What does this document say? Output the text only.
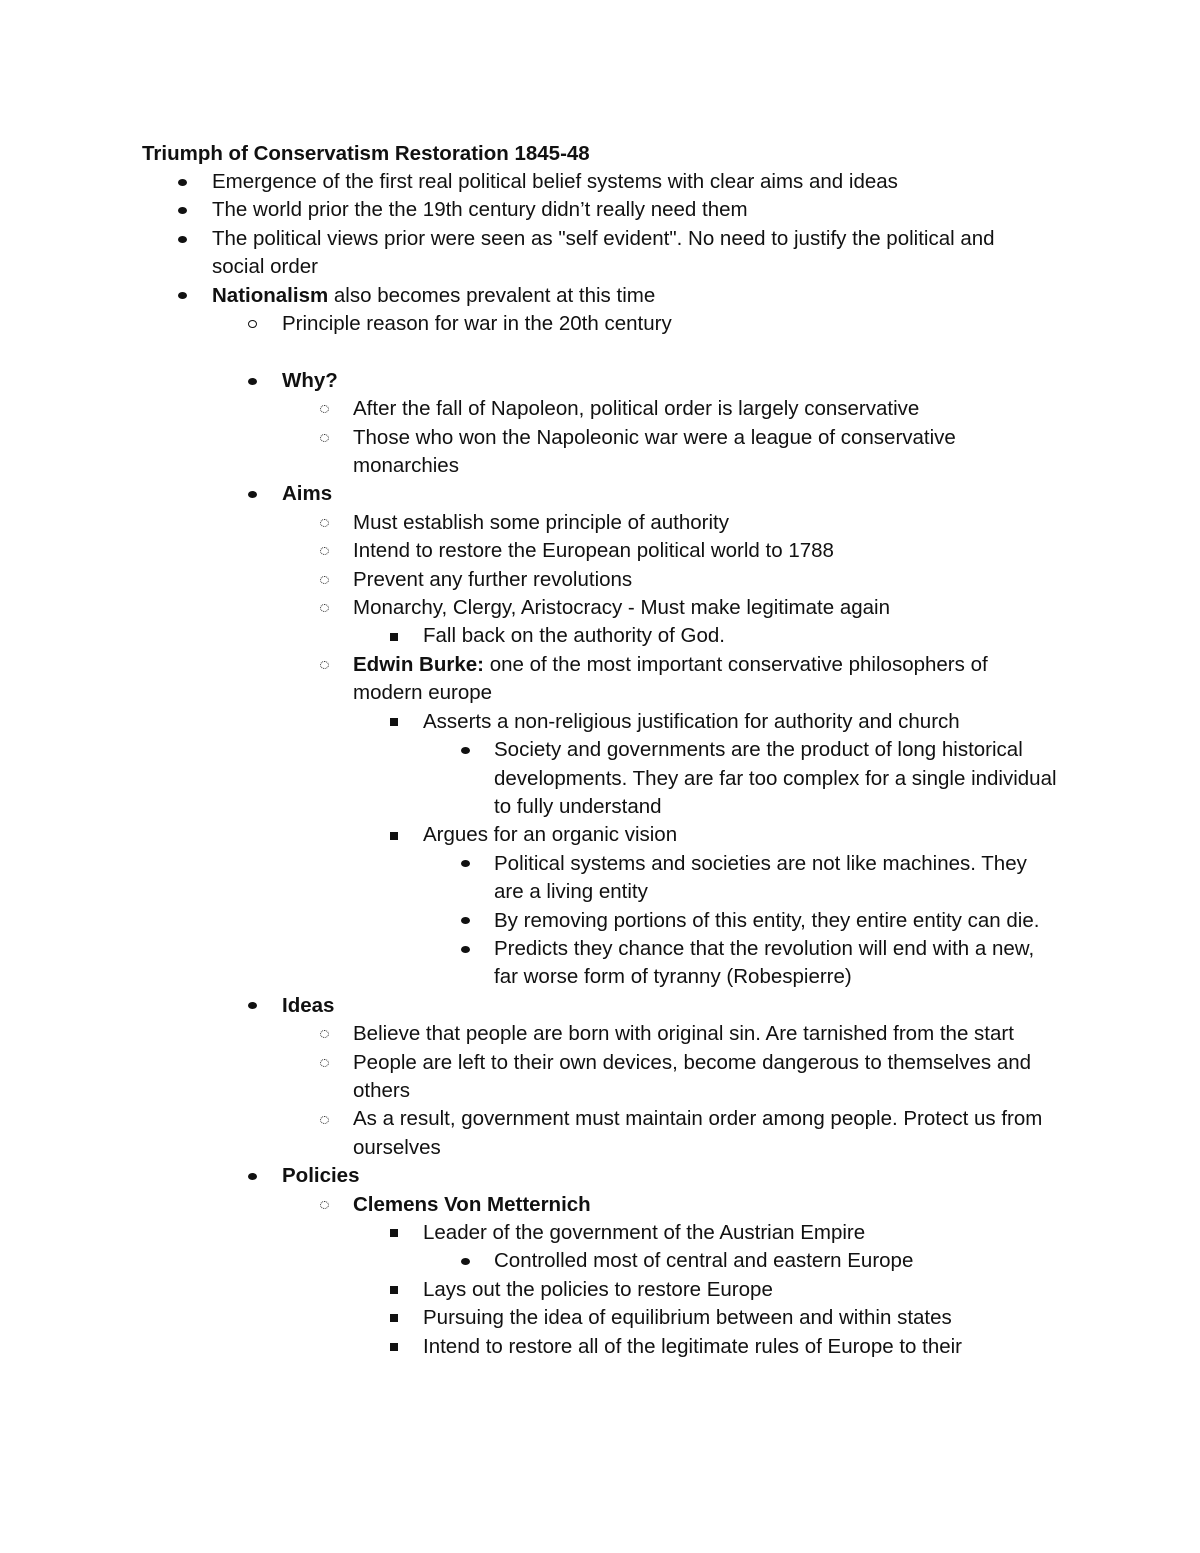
Triumph of Conservatism Restoration 1845-48
Emergence of the first real political belief systems with clear aims and ideas
The world prior the the 19th century didn’t really need them
The political views prior were seen as "self evident". No need to justify the political and social order
Nationalism also becomes prevalent at this time
Principle reason for war in the 20th century
Why?
After the fall of Napoleon, political order is largely conservative
Those who won the Napoleonic war were a league of conservative monarchies
Aims
Must establish some principle of authority
Intend to restore the European political world to 1788
Prevent any further revolutions
Monarchy, Clergy, Aristocracy - Must make legitimate again
Fall back on the authority of God.
Edwin Burke: one of the most important conservative philosophers of modern europe
Asserts a non-religious justification for authority and church
Society and governments are the product of long historical developments. They are far too complex for a single individual to fully understand
Argues for an organic vision
Political systems and societies are not like machines. They are a living entity
By removing portions of this entity, they entire entity can die.
Predicts they chance that the revolution will end with a new, far worse form of tyranny (Robespierre)
Ideas
Believe that people are born with original sin. Are tarnished from the start
People are left to their own devices, become dangerous to themselves and others
As a result, government must maintain order among people. Protect us from ourselves
Policies
Clemens Von Metternich
Leader of the government of the Austrian Empire
Controlled most of central and eastern Europe
Lays out the policies to restore Europe
Pursuing the idea of equilibrium between and within states
Intend to restore all of the legitimate rules of Europe to their
